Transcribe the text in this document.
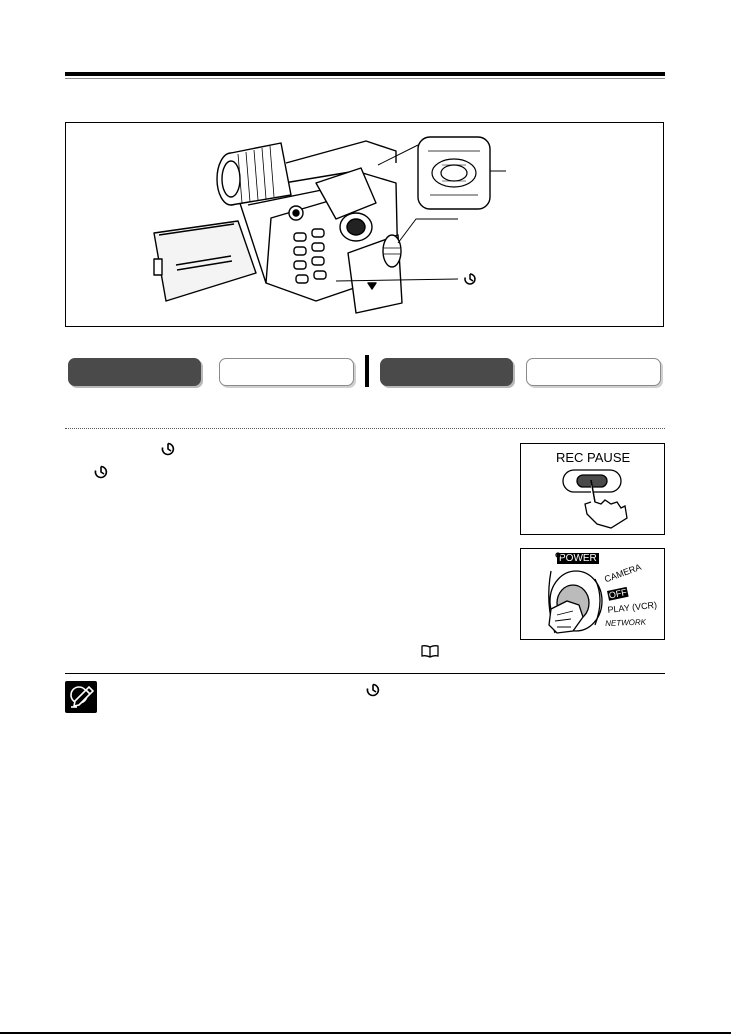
REC PAUSE
POWER
CAMERA
OFF
PLAY (VCR)
NETWORK
